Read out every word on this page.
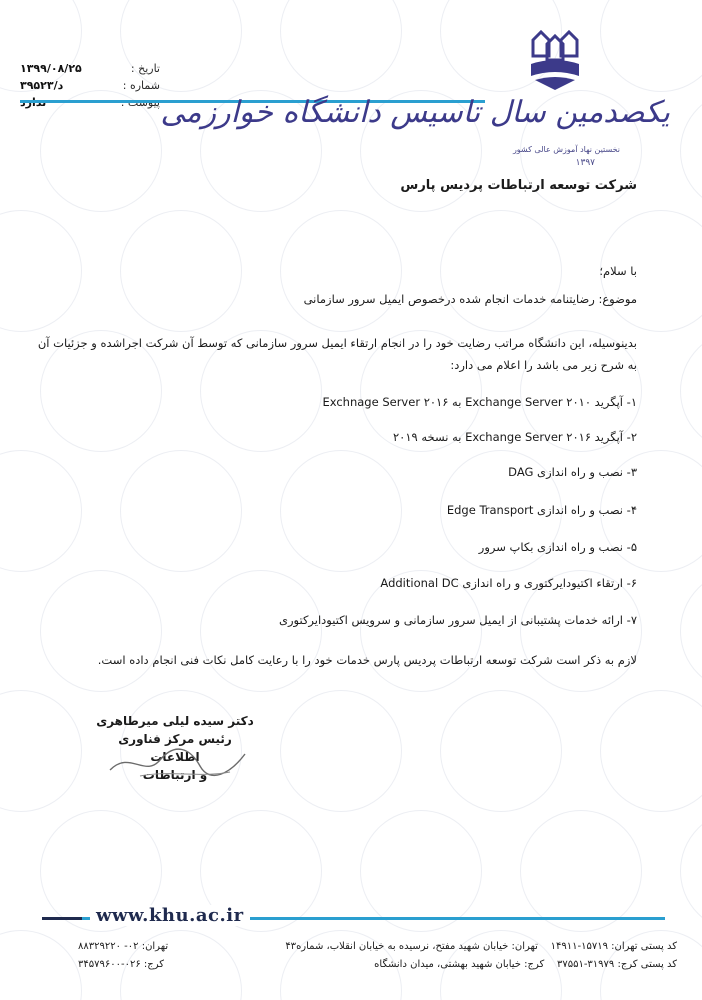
تاریخ :
۱۳۹۹/۰۸/۲۵
شماره :
د/۳۹۵۲۳
یکصدمین سال تاسیس دانشگاه خوارزمی
نخستین نهاد آموزش عالی کشور
۱۳۹۷
شرکت توسعه ارتباطات پردیس پارس
با سلام؛
موضوع: رضایتنامه خدمات انجام شده درخصوص ایمیل سرور سازمانی
بدینوسیله، این دانشگاه مراتب رضایت خود را در انجام ارتقاء ایمیل سرور سازمانی که توسط آن شرکت اجراشده و جزئیات آن
به شرح زیر می باشد را اعلام می دارد:
۱- آپگرید Exchange Server ۲۰۱۰ به Exchnage Server ۲۰۱۶
۲- آپگرید Exchange Server ۲۰۱۶ به نسخه ۲۰۱۹
۳- نصب و راه اندازی DAG
۴- نصب و راه اندازی Edge Transport
۵- نصب و راه اندازی بکاپ سرور
۶- ارتقاء اکتیودایرکتوری و راه اندازی Additional DC
۷- ارائه خدمات پشتیبانی از ایمیل سرور سازمانی و سرویس اکتیودایرکتوری
لازم به ذکر است شرکت توسعه ارتباطات پردیس پارس خدمات خود را با رعایت کامل نکات فنی انجام داده است.
دکتر سیده لیلی میرطاهری
رئیس مرکز فناوری اطلاعات
و ارتباطات
www.khu.ac.ir
کد پستی تهران: ۱۵۷۱۹-۱۴۹۱۱    تهران: خیابان شهید مفتح، نرسیده به خیابان انقلاب، شماره۴۳
کد پستی کرج: ۳۱۹۷۹-۳۷۵۵۱    کرج: خیابان شهید بهشتی، میدان دانشگاه
تهران: ۰۲- ۸۸۳۲۹۲۲۰
کرج: ۰۲۶-۳۴۵۷۹۶۰۰
